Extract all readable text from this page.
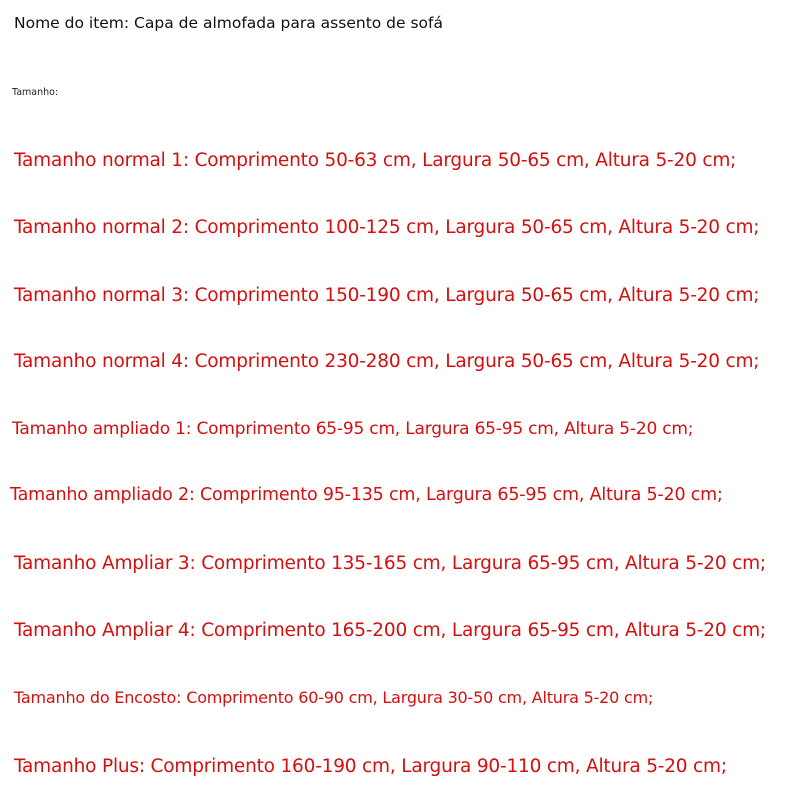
Nome do item: Capa de almofada para assento de sofá
Tamanho:
Tamanho normal 1: Comprimento 50-63 cm, Largura 50-65 cm, Altura 5-20 cm;
Tamanho normal 2: Comprimento 100-125 cm, Largura 50-65 cm, Altura 5-20 cm;
Tamanho normal 3: Comprimento 150-190 cm, Largura 50-65 cm, Altura 5-20 cm;
Tamanho normal 4: Comprimento 230-280 cm, Largura 50-65 cm, Altura 5-20 cm;
Tamanho ampliado 1: Comprimento 65-95 cm, Largura 65-95 cm, Altura 5-20 cm;
Tamanho ampliado 2: Comprimento 95-135 cm, Largura 65-95 cm, Altura 5-20 cm;
Tamanho Ampliar 3: Comprimento 135-165 cm, Largura 65-95 cm, Altura 5-20 cm;
Tamanho Ampliar 4: Comprimento 165-200 cm, Largura 65-95 cm, Altura 5-20 cm;
Tamanho do Encosto: Comprimento 60-90 cm, Largura 30-50 cm, Altura 5-20 cm;
Tamanho Plus: Comprimento 160-190 cm, Largura 90-110 cm, Altura 5-20 cm;
